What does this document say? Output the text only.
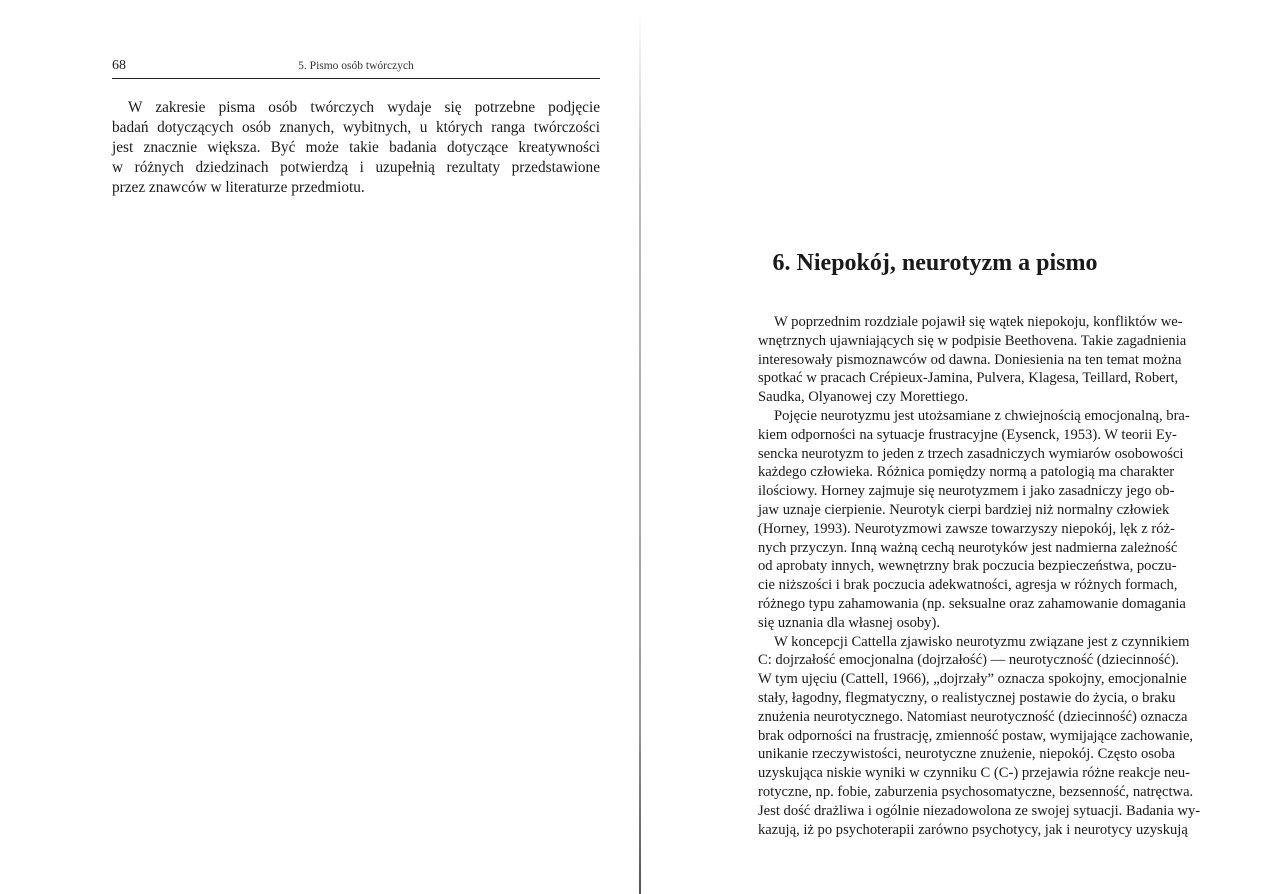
68	5. Pismo osób twórczych
W zakresie pisma osób twórczych wydaje się potrzebne podjęcie
badań dotyczących osób znanych, wybitnych, u których ranga twórczości
jest znacznie większa. Być może takie badania dotyczące kreatywności
w różnych dziedzinach potwierdzą i uzupełnią rezultaty przedstawione
przez znawców w literaturze przedmiotu.
6. Niepokój, neurotyzm a pismo
W poprzednim rozdziale pojawił się wątek niepokoju, konfliktów we-
wnętrznych ujawniających się w podpisie Beethovena. Takie zagadnienia
interesowały pismoznawców od dawna. Doniesienia na ten temat można
spotkać w pracach Crépieux-Jamina, Pulvera, Klagesa, Teillard, Robert,
Saudka, Olyanowej czy Morettiego.
Pojęcie neurotyzmu jest utożsamiane z chwiejnością emocjonalną, bra-
kiem odporności na sytuacje frustracyjne (Eysenck, 1953). W teorii Ey-
sencka neurotyzm to jeden z trzech zasadniczych wymiarów osobowości
każdego człowieka. Różnica pomiędzy normą a patologią ma charakter
ilościowy. Horney zajmuje się neurotyzmem i jako zasadniczy jego ob-
jaw uznaje cierpienie. Neurotyk cierpi bardziej niż normalny człowiek
(Horney, 1993). Neurotyzmowi zawsze towarzyszy niepokój, lęk z róż-
nych przyczyn. Inną ważną cechą neurotyków jest nadmierna zależność
od aprobaty innych, wewnętrzny brak poczucia bezpieczeństwa, poczu-
cie niższości i brak poczucia adekwatności, agresja w różnych formach,
różnego typu zahamowania (np. seksualne oraz zahamowanie domagania
się uznania dla własnej osoby).
W koncepcji Cattella zjawisko neurotyzmu związane jest z czynnikiem
C: dojrzałość emocjonalna (dojrzałość) — neurotyczność (dziecinność).
W tym ujęciu (Cattell, 1966), „dojrzały” oznacza spokojny, emocjonalnie
stały, łagodny, flegmatyczny, o realistycznej postawie do życia, o braku
znużenia neurotycznego. Natomiast neurotyczność (dziecinność) oznacza
brak odporności na frustrację, zmienność postaw, wymijające zachowanie,
unikanie rzeczywistości, neurotyczne znużenie, niepokój. Często osoba
uzyskująca niskie wyniki w czynniku C (C-) przejawia różne reakcje neu-
rotyczne, np. fobie, zaburzenia psychosomatyczne, bezsenność, natręctwa.
Jest dość drażliwa i ogólnie niezadowolona ze swojej sytuacji. Badania wy-
kazują, iż po psychoterapii zarówno psychotycy, jak i neurotycy uzyskują
